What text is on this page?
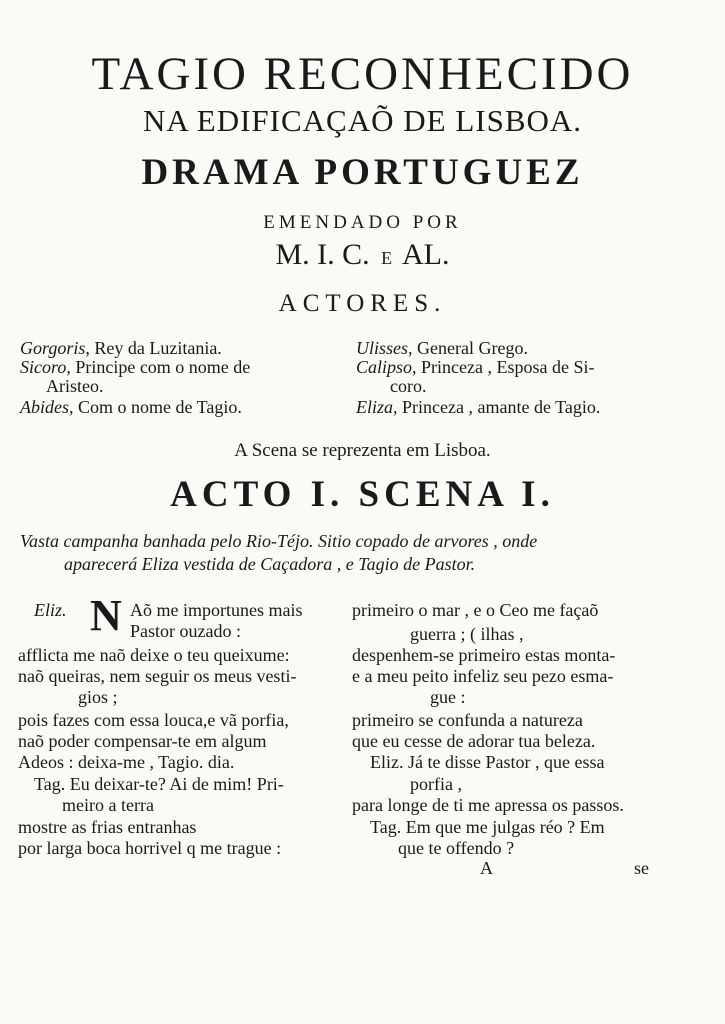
TAGIO RECONHECIDO
NA EDIFICAÇAÕ DE LISBOA.
DRAMA PORTUGUEZ
EMENDADO POR
M. I. C. E AL.
ACTORES.
Gorgoris, Rey da Luzitania.
Sicoro, Principe com o nome de
Aristeo.
Abides, Com o nome de Tagio.
Ulisses, General Grego.
Calipso, Princeza , Esposa de Si-
coro.
Eliza, Princeza , amante de Tagio.
A Scena se reprezenta em Lisboa.
ACTO I. SCENA I.
Vasta campanha banhada pelo Rio-Téjo. Sitio copado de arvores , onde
aparecerá Eliza vestida de Caçadora , e Tagio de Pastor.
Eliz. N Aõ me importunes mais
Pastor ouzado :
afflicta me naõ deixe o teu queixume:
naõ queiras, nem seguir os meus vesti-
gios ;
pois fazes com essa louca,e vã porfia,
naõ poder compensar-te em algum
Adeos : deixa-me , Tagio. dia.
Tag. Eu deixar-te? Ai de mim! Pri-
meiro a terra
mostre as frias entranhas
por larga boca horrivel q me trague :
primeiro o mar , e o Ceo me façaõ
guerra ; ( ilhas ,
despenhem-se primeiro estas monta-
e a meu peito infeliz seu pezo esma-
gue :
primeiro se confunda a natureza
que eu cesse de adorar tua beleza.
Eliz. Já te disse Pastor , que essa
porfia ,
para longe de ti me apressa os passos.
Tag. Em que me julgas réo ? Em
que te offendo ?
A	se
